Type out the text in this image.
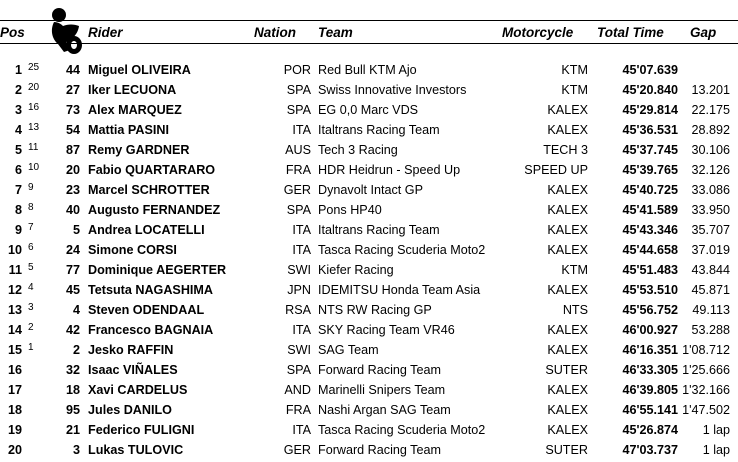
Pos	Rider	Nation Team	Motorcycle Total Time Gap
1 25	44 Miguel OLIVEIRA	POR Red Bull KTM Ajo	KTM	45'07.639
2 20	27 Iker LECUONA	SPA Swiss Innovative Investors	KTM	45'20.840	13.201
3 16	73 Alex MARQUEZ	SPA EG 0,0 Marc VDS	KALEX	45'29.814	22.175
4 13	54 Mattia PASINI	ITA Italtrans Racing Team	KALEX	45'36.531	28.892
5 11	87 Remy GARDNER	AUS Tech 3 Racing	TECH 3	45'37.745	30.106
6 10	20 Fabio QUARTARARO	FRA HDR Heidrun - Speed Up	SPEED UP	45'39.765	32.126
7 9	23 Marcel SCHROTTER	GER Dynavolt Intact GP	KALEX	45'40.725	33.086
8 8	40 Augusto FERNANDEZ	SPA Pons HP40	KALEX	45'41.589	33.950
9 7	5 Andrea LOCATELLI	ITA Italtrans Racing Team	KALEX	45'43.346	35.707
10 6	24 Simone CORSI	ITA Tasca Racing Scuderia Moto2	KALEX	45'44.658	37.019
11 5	77 Dominique AEGERTER	SWI Kiefer Racing	KTM	45'51.483	43.844
12 4	45 Tetsuta NAGASHIMA	JPN IDEMITSU Honda Team Asia	KALEX	45'53.510	45.871
13 3	4 Steven ODENDAAL	RSA NTS RW Racing GP	NTS	45'56.752	49.113
14 2	42 Francesco BAGNAIA	ITA SKY Racing Team VR46	KALEX	46'00.927	53.288
15 1	2 Jesko RAFFIN	SWI SAG Team	KALEX	46'16.351 1'08.712
16	32 Isaac VIÑALES	SPA Forward Racing Team	SUTER	46'33.305 1'25.666
17	18 Xavi CARDELUS	AND Marinelli Snipers Team	KALEX	46'39.805 1'32.166
18	95 Jules DANILO	FRA Nashi Argan SAG Team	KALEX	46'55.141 1'47.502
19	21 Federico FULIGNI	ITA Tasca Racing Scuderia Moto2	KALEX	45'26.874	1 lap
20	3 Lukas TULOVIC	GER Forward Racing Team	SUTER	47'03.737	1 lap
